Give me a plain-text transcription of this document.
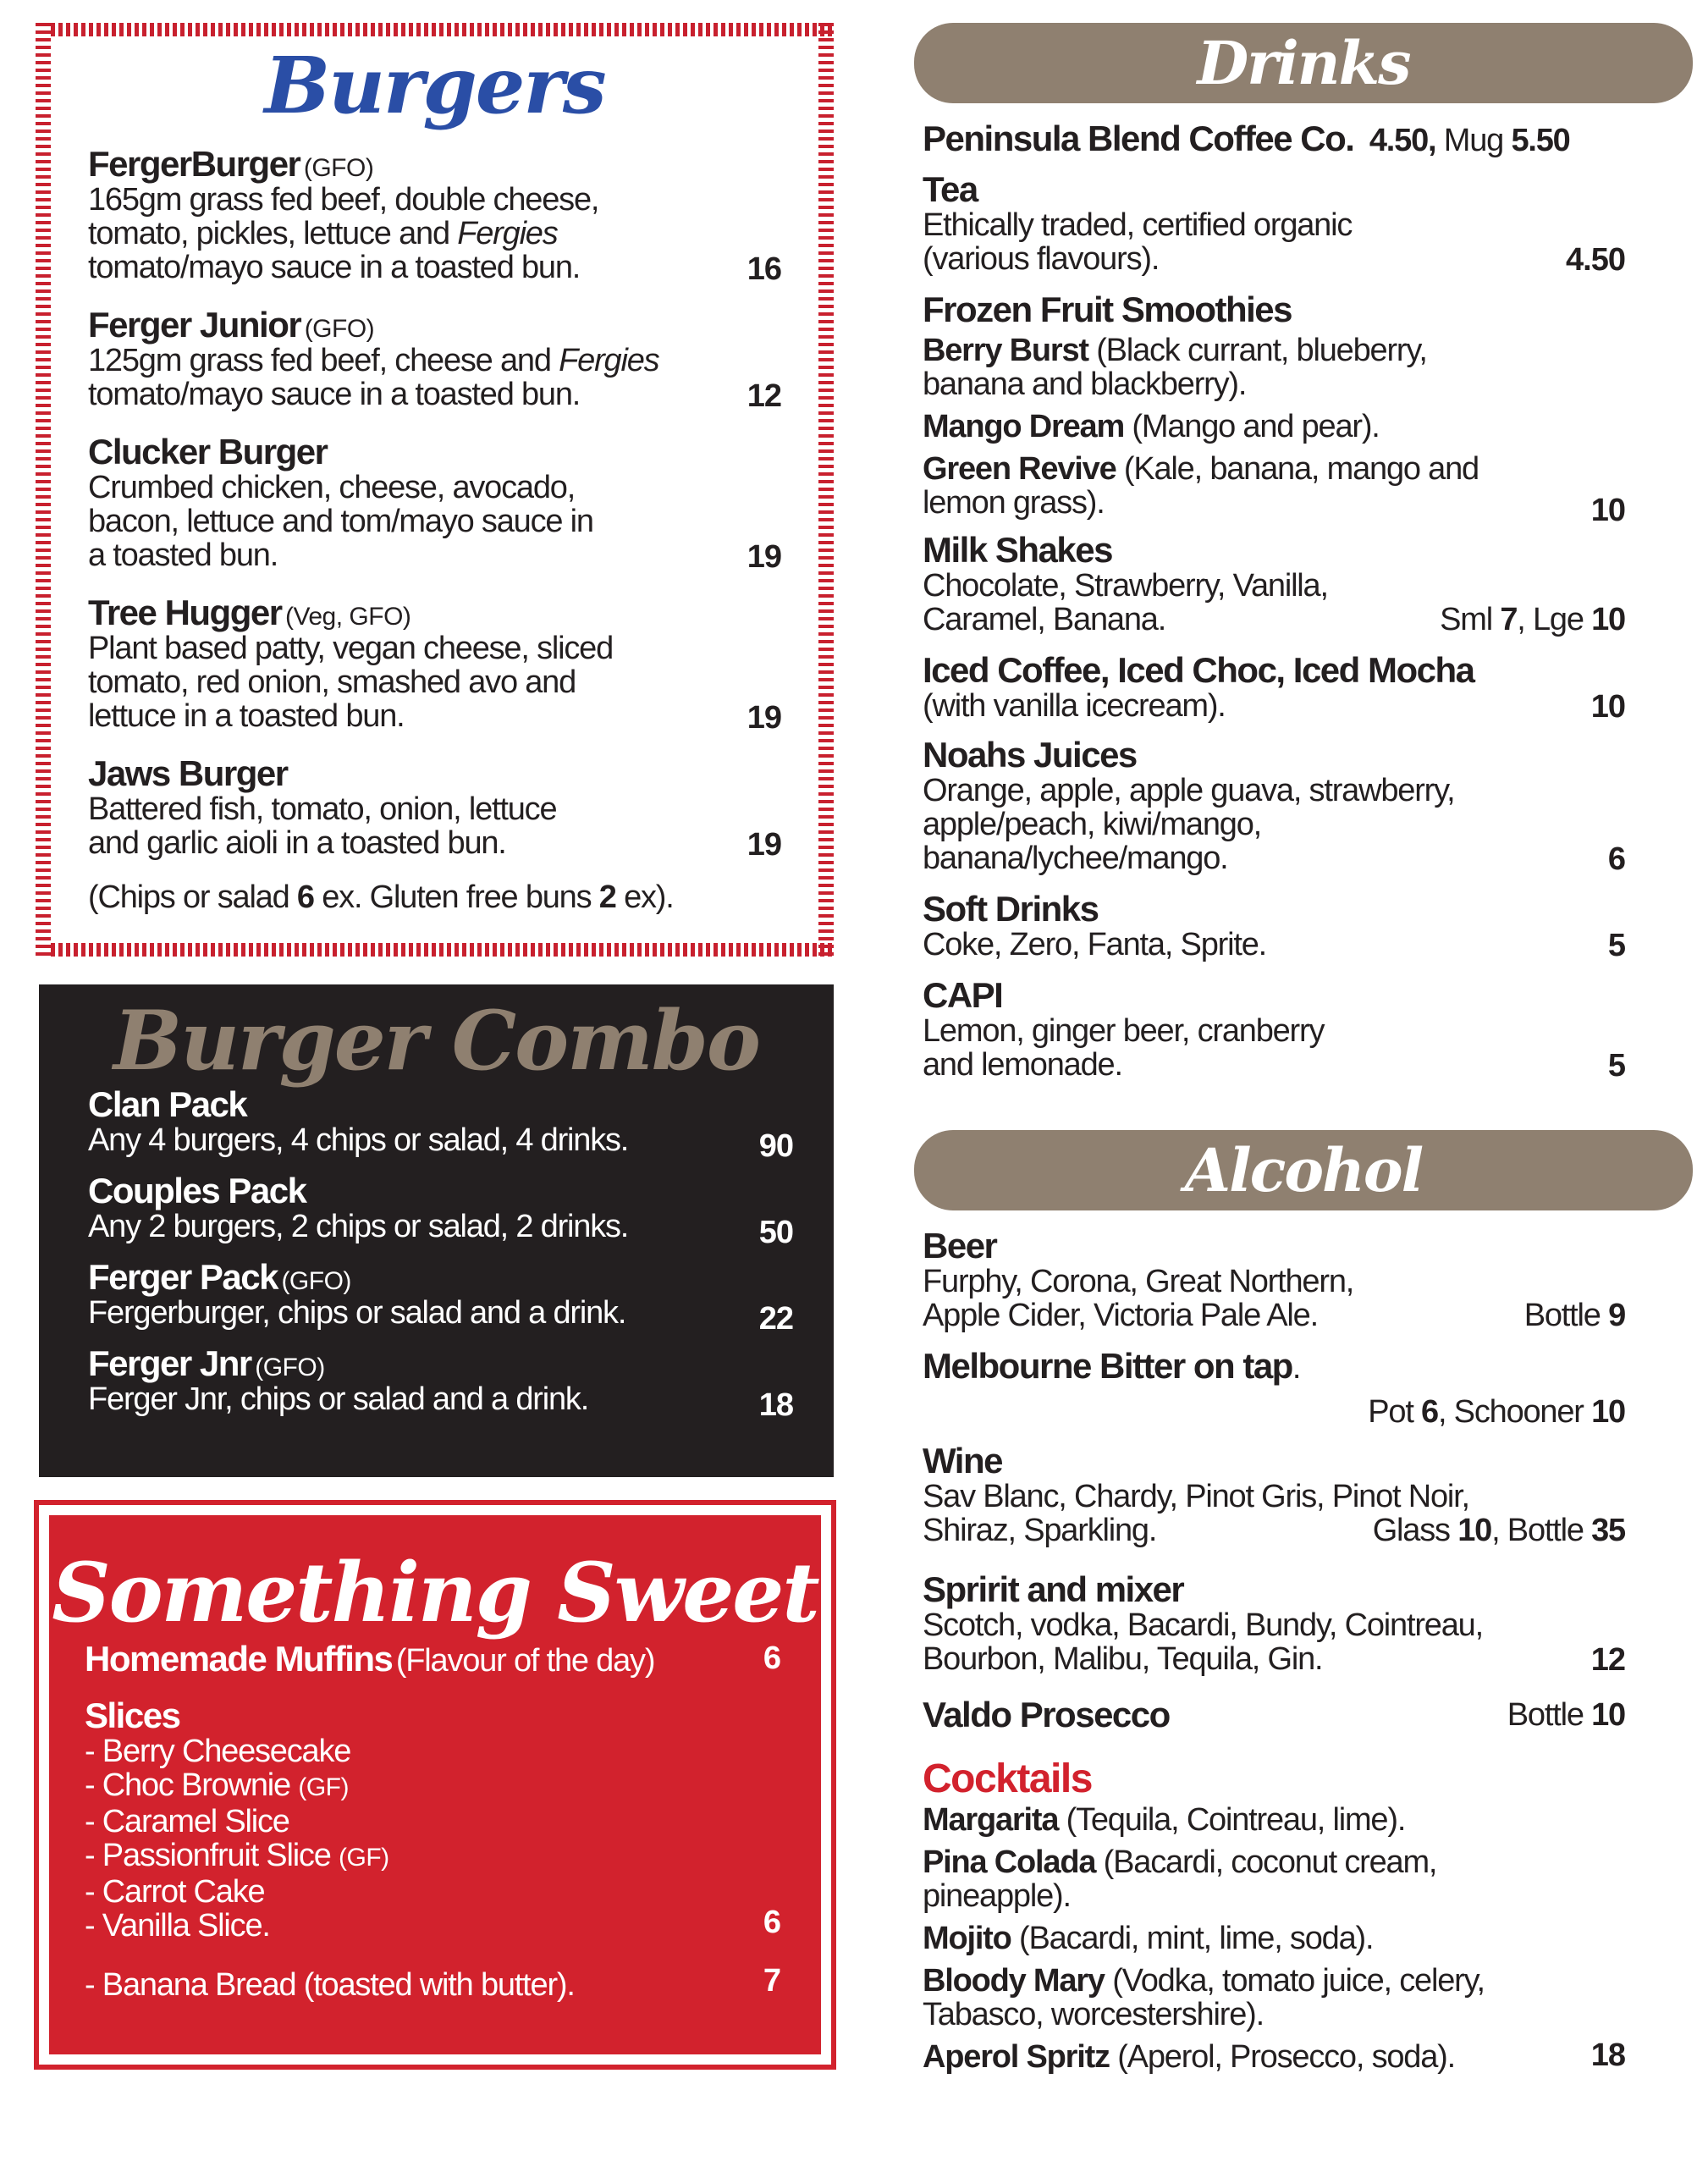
Burgers
FergerBurger (GFO)
165gm grass fed beef, double cheese,
tomato, pickles, lettuce and Fergies
tomato/mayo sauce in a toasted bun.	16
Ferger Junior (GFO)
125gm grass fed beef, cheese and Fergies
tomato/mayo sauce in a toasted bun.	12
Clucker Burger
Crumbed chicken, cheese, avocado,
bacon, lettuce and tom/mayo sauce in
a toasted bun.	19
Tree Hugger (Veg, GFO)
Plant based patty, vegan cheese, sliced
tomato, red onion, smashed avo and
lettuce in a toasted bun.	19
Jaws Burger
Battered fish, tomato, onion, lettuce
and garlic aioli in a toasted bun.	19
(Chips or salad 6 ex. Gluten free buns 2 ex).
Burger Combo
Clan Pack
Any 4 burgers, 4 chips or salad, 4 drinks.	90
Couples Pack
Any 2 burgers, 2 chips or salad, 2 drinks.	50
Ferger Pack (GFO)
Fergerburger, chips or salad and a drink.	22
Ferger Jnr (GFO)
Ferger Jnr, chips or salad and a drink.	18
Something Sweet
Homemade Muffins (Flavour of the day)	6
Slices
- Berry Cheesecake
- Choc Brownie (GF)
- Caramel Slice
- Passionfruit Slice (GF)
- Carrot Cake
- Vanilla Slice.	6
- Banana Bread (toasted with butter).	7
Drinks
Peninsula Blend Coffee Co. 4.50, Mug 5.50
Tea
Ethically traded, certified organic
(various flavours).	4.50
Frozen Fruit Smoothies
Berry Burst (Black currant, blueberry,
banana and blackberry).
Mango Dream (Mango and pear).
Green Revive (Kale, banana, mango and
lemon grass).	10
Milk Shakes
Chocolate, Strawberry, Vanilla,
Caramel, Banana.	Sml 7, Lge 10
Iced Coffee, Iced Choc, Iced Mocha
(with vanilla icecream).	10
Noahs Juices
Orange, apple, apple guava, strawberry,
apple/peach, kiwi/mango,
banana/lychee/mango.	6
Soft Drinks
Coke, Zero, Fanta, Sprite.	5
CAPI
Lemon, ginger beer, cranberry
and lemonade.	5
Alcohol
Beer
Furphy, Corona, Great Northern,
Apple Cider, Victoria Pale Ale.	Bottle 9
Melbourne Bitter on tap.
Pot 6, Schooner 10
Wine
Sav Blanc, Chardy, Pinot Gris, Pinot Noir,
Shiraz, Sparkling.	Glass 10, Bottle 35
Spririt and mixer
Scotch, vodka, Bacardi, Bundy, Cointreau,
Bourbon, Malibu, Tequila, Gin.	12
Valdo Prosecco	Bottle 10
Cocktails
Margarita (Tequila, Cointreau, lime).
Pina Colada (Bacardi, coconut cream,
pineapple).
Mojito (Bacardi, mint, lime, soda).
Bloody Mary (Vodka, tomato juice, celery,
Tabasco, worcestershire).
Aperol Spritz (Aperol, Prosecco, soda).	18
